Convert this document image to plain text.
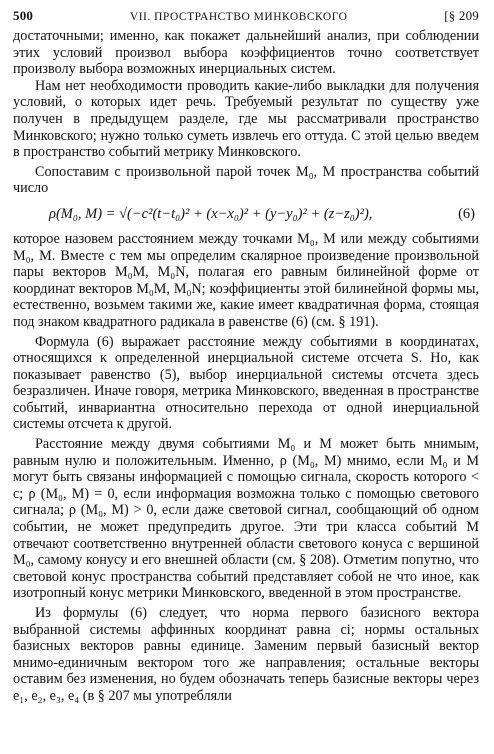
500	VII. ПРОСТРАНСТВО МИНКОВСКОГО	[§ 209

достаточными; именно, как покажет дальнейший анализ, при соблюдении этих условий произвол выбора коэффициентов точно соответствует произволу выбора возможных инерциальных систем.

Нам нет необходимости проводить какие-либо выкладки для получения условий, о которых идет речь. Требуемый результат по существу уже получен в предыдущем разделе, где мы рассматривали пространство Минковского; нужно только суметь извлечь его оттуда. С этой целью введем в пространство событий метрику Минковского.

Сопоставим с произвольной парой точек M₀, M пространства событий число

ρ(M₀, M) = √(−c²(t−t₀)² + (x−x₀)² + (y−y₀)² + (z−z₀)²),	(6)

которое назовем расстоянием между точками M₀, M или между событиями M₀, M. Вместе с тем мы определим скалярное произведение произвольной пары векторов M₀M, M₀N, полагая его равным билинейной форме от координат векторов M₀M, M₀N; коэффициенты этой билинейной формы мы, естественно, возьмем такими же, какие имеет квадратичная форма, стоящая под знаком квадратного радикала в равенстве (6) (см. § 191).

Формула (6) выражает расстояние между событиями в координатах, относящихся к определенной инерциальной системе отсчета S. Но, как показывает равенство (5), выбор инерциальной системы отсчета здесь безразличен. Иначе говоря, метрика Минковского, введенная в пространстве событий, инвариантна относительно перехода от одной инерциальной системы отсчета к другой.

Расстояние между двумя событиями M₀ и M может быть мнимым, равным нулю и положительным. Именно, ρ (M₀, M) мнимо, если M₀ и M могут быть связаны информацией с помощью сигнала, скорость которого < c; ρ (M₀, M) = 0, если информация возможна только с помощью светового сигнала; ρ (M₀, M) > 0, если даже световой сигнал, сообщающий об одном событии, не может предупредить другое. Эти три класса событий M отвечают соответственно внутренней области светового конуса с вершиной M₀, самому конусу и его внешней области (см. § 208). Отметим попутно, что световой конус пространства событий представляет собой не что иное, как изотропный конус метрики Минковского, введенной в этом пространстве.

Из формулы (6) следует, что норма первого базисного вектора выбранной системы аффинных координат равна ci; нормы остальных базисных векторов равны единице. Заменим первый базисный вектор мнимо-единичным вектором того же направления; остальные векторы оставим без изменения, но будем обозначать теперь базисные векторы через e₁, e₂, e₃, e₄ (в § 207 мы употребляли
